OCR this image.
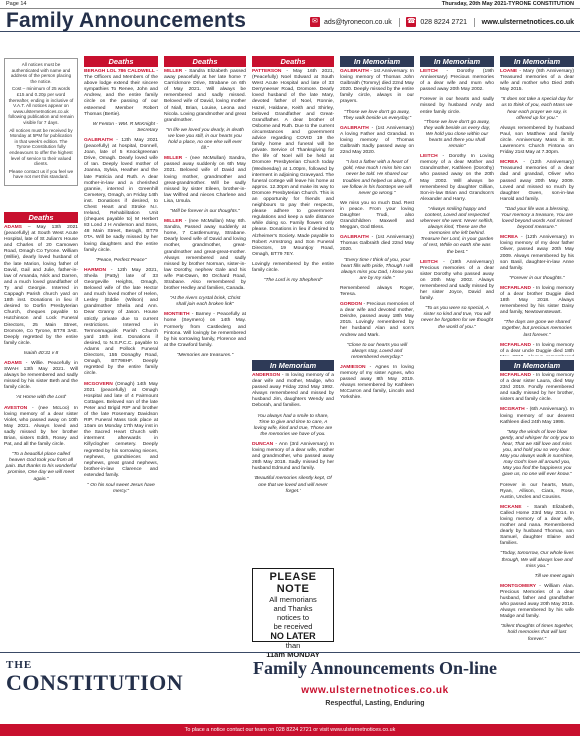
Page 14	Thursday, 20th May 2021-TYRONE CONSTITUTION
Family Announcements	✉ ads@tyronecon.co.uk ☎ 028 8224 2721 www.ulsternetnotices.co.uk

All notices must be authenticated with name and address of the person placing the notice.

Cost – minimum of 25 words £15 and 0.20p per word thereafter, ending in inclusive of V.A.T. All notices appear on www.ulsternetnotices.co.uk following publication and remain visible for 7 days.

All notices must be received by Monday at 5PM for publication in that week's edition. The Tyrone Constitution fully endeavours to offer the highest level of service to their valued clients.

Please contact us if you feel we have not met this standard.

Deaths
ADAMS – May 13th 2021 (peacefully) at South West Acute Hospital, late of St Julian's House and Charles of 20 Camowen Road, Omagh Co Tyrone. William (Willie), dearly loved husband of the late Marion, loving father of David, Gail and Julie, father-in-law of Amanda, Nick and Darren, and a much loved grandfather of Ty and Georgie. Interred in Cappagh Parish church yard on 18th inst. Donations in lieu if desired to Dorfin Presbyterian Church, cheques payable to Hutchinson and Lock Funeral Directors, 25 Main Street, Dromore, Co Tyrone, BT78 3AE. Deeply regretted by the entire family circle.
Isaiah 40:31 v 8
ADAMS - Willie. Peacefully in SWAH 13th May 2021. Will always be remembered and sadly missed by his sister Beth and the family circle.
'At Home with the Lord'
AVESTON - (nee McLoo) In loving memory of a dear sister Violet, who passed away on 10th May 2021. Always loved and sadly missed by her brother Brian, sisters Edith, Rosey and Pat, and all the family circle.
"To a beautiful place called heaven God took you from all pain. But thanks to his wonderful promise, One day we will meet again."
Deaths
BERAGH LOL 786 CALDWELL - The Officers and Members of the above lodge extend their sincere sympathies To Renee, John and Andrew, and the entire family circle on the passing of our esteemed Member Robert Thomas (Bertie).
W Fenton - WM. R McKnight - Secretary
GALBRAITH - 12th May 2021 (peacefully) at hospital, Donnell, Joan, late of 5 Knockgreenan Drive, Omagh. Dearly loved wife of Ian. Deeply loved mother of Joanna, Sylvia, Heather and the late Patricia and Ruth. A dear mother-in-law and a cherished grannie, interred in Greenhill Cemetery, Omagh, on Friday 14th inst. Donations if desired, to Chest Heart and Stroke N.I. Ireland, Rehabilitation Unit (cheques payable to) M Herbert 83 Lond J H Anderson and Sons, 48 Main Street, Beragh, BT79 0TA. Will be sadly missed by her loving daughters and the entire family circle.
"Peace, Perfect Peace"
HARMON - 12th May 2021, Sheila (Patty) late of 33 Georgeville Heights, Omagh, Beloved wife of the late Hector and much loved mother of Helen, Lesley (Eddie (Wilson) and grandmother Sheila and Ann. Dear Granny of Jason. House strictly private due to current restrictions. Interred in Termonmaguirk Parish Church yard 16th inst. Donations if desired, to N.S.P.C.C. payable to Adams and Pollock Funeral Directors, 155 Donaghy Road, Omagh, BT798HF. Deeply regretted by the entire family circle.
MCGOVERN (Omagh) 14th May 2021 (peacefully) at Omagh Hospital and late of 4 Fairmount Cottages. Beloved son of the late Peter and Brigid RIP and brother of the late Rosemary Davidson RIP. Funeral Mass took place at 10am on Monday 17th May inst in the Sacred Heart Church with interment afterwards in Killyclogher cemetery. Deeply regretted by his sorrowing nieces, nephews, grandnieces and nephews, great grand nephews, brother-in-law Clarence and extended family.
" On his soul sweet Jesus have mercy."
Deaths
MILLER - Sandra Elizabeth passed away peacefully at her late home 7 Carrickmore Drive, Strabane on 6th of May 2021. Will always be remembered and sadly missed. Beloved wife of David, loving mother of Niall, Brian, Louise, Leona and Nicola. Loving grandmother and great grandmother.
"In life we loved you dearly, in death we love you still, in our hearts you hold a place, no one else will ever fill."
MILLER - (nee McMullan) Sandra, passed away suddenly on 6th May 2021. Beloved wife of David and loving mother, grandmother and great-grandmother. Will be sadly missed by sister Eileen, brother-in-law Wilfred and nieces Charlene and Lisa, Ursula.
"Will be forever in our thoughts."
MILLER - (nee McMullan) May 6th. Sandra, Passed away suddenly at home, 7 Castlemurray, Strabane. Dearly loved wife of David and loving mother, grandmother, great-grandmother and great-great-mother. Always remembered and sadly missed by brother Norman, sister-in-law Dorothy, nephew Gale and his wife Pat-Dawn, 80 Orchard Road, Strabane. Also remembered by brother Hedley and families, Canada.
"At the rivers crystal brink, Christ shall join each broken link"
MONTIETH - Barney - Peacefully at home (Seymero) on 14th May. Formerly from Castlederg and Fintona. Will lovingly be remembered by his sorrowing family, Florence and at the Crawford family.
"Memories are treasures."
Deaths
PATTERSON - May 16th 2021, (Peacefully) Noel Edward at South West Acute Hospital and late of 33 Derryneeser Road, Dromore. Dearly loved husband of the late Mary, devoted father of Noel, Ronnie, Hazel, Haldane, Keith and Shirley, beloved Grandfather and Great-Grandfather. A dear brother of Osborne and Ruth. Due to the current circumstances and government advice regarding COVID 19 the family home and funeral will be private. Service of Thanksgiving for the life of Noel will be held at Dromore Presbyterian Church today (Wednesday) at 1.00pm, followed by interment in adjoining Graveyard. The funeral cortege will leave his home at approx. 12.30pm and make its way to Dromore Presbyterian Church. This is an opportunity for friends and neighbours to pay their respects, please adhere to government regulations and keep a safe distance while doing so. Family flowers only please. Donations in lieu if desired to Alzheimer's Society. Made payable to Robert Armstrong and Son Funeral Directors, 19 Mountjoy Road, Omagh, BT79 7EY.
Lovingly remembered by the entire family circle.
"The Lord is my Shepherd"
In Memoriam
ANDERSON - In loving memory of a dear wife and mother, Madge, who passed away Friday 22nd May 1992. Always remembered and missed by husband Jim, daughters Wendy and Deborah, and families.
You always had a smile to share, Time to give and time to care, A loving wife, kind and true, Those are the memories we have of you.
DUNCAN - Ann (3rd Anniversary) In loving memory of a dear wife, mother and grandmother, who passed away 26th May 2018. Sadly missed by her husband Edmund and family.
'Beautiful memories silently kept, Of one that we loved and will never forget.'
In Memoriam
GALBRAITH - 1st Anniversary. In loving memory of Thomas John Galbraith (Tommy) died 22nd May 2020. Deeply missed by the entire family circle, always in our prayers.
"Those we love don't go away, They walk beside us everyday."
GALBRAITH - (1st Anniversary) A loving Father and Grandad. In loving memory of Thomas Galbraith Sadly passed away on 22nd May 2020.
"I lost a father with a heart of gold, How much I miss him can never be told. He shared our troubles and helped us along, If we follow in his footsteps we will never go wrong."
We miss you so much Dad. Rest in peace. From your loving Daughter Trudi, also Grandchildren Maxwell and Meggan, God Bless.
GALBRAITH - (1st Anniversary) Thomas Galbraith died 22nd May 2020.
"Every time I think of you, your heart fills with pride, Though I will always miss you Dad, I know you are by my side."
Remembered always Roger, Teresa.
GORDON - Precious memories of a dear wife and devoted mother, Deirdre, passed away 18th May 2015. Lovingly remembered by her husband Alan and son's Andrew and Mark.
"Close to our hearts you will always stay, Loved and remembered everyday."
JAMIESON - Agnes In loving memory of my sister Agnes, who passed away 8th May 2019. Always remembered by Kathleen McCarron and family, Lincoln and Yorkshire.
In Memoriam
LEITCH - Dorothy (19th Anniversary) Precious memories of a dear wife and mum who passed away 20th May 2002.
Forever in our hearts and sadly missed by husband Andy and entire family circle.
"Those we love don't go away, they walk beside us every day, We hold you close within our hearts and there you shall remain"
LEITCH - Dorothy In Loving memory of a dear Mother and Grandmother, Kathleen (Dorothy) who passed away on the 20th May 2002. Will always be remembered by daughter Gillian, Son-in-law Brian and Grandson's Alexander and Harry.
"Always smiling happy and content, Loved and respected wherever she went. Never selfish, always kind, These are the memories she left behind. Treasure her Lord, in your garden of rest, While on earth she was the best."
LEITCH - (19th Anniversary) Precious memories of a dear sister Dorothy who passed away on 20th May 2002. Always remembered and sadly missed by her sister Joyce, David and family.
"To us you were so special, A sister so kind and true, You will never be forgotten for we thought the world of you."
In Memoriam
LOANE - Mary (6th Anniversary) Treasured memories of a dear wife and mother who Died 26th May 2015.
"It does not take a special day for us to think of you, each Mass we hear each prayer we say, is offered up for you."
Always remembered by husband Paul, son Matthew and family circle. Anniversary Mass in St. Lawrence's Church Fintona on Friday 21st May at 7.30pm.
MCREA - (12th Anniversary) Treasured memories of a dear dad and grandad, Oliver who passed away 20th May 2009. Loved and missed so much by daughter Gwen, son-in-law Harold and family.
"Dad your life was a blessing, Your memory a treasure, You are loved beyond words And missed beyond measure."
MCREA - (12th Anniversary) In loving memory of my dear father Oliver, passed away 20th May 2009. Always remembered by his son Basil, daughter-in-law Anne and family.
"Forever in our thoughts."
MCFARLAND - In loving memory of a dear brother Duggie died 18th May 2018. Always remembered by his sister Daisy and family, Newtownstewart.
"The days are gone we shared together, but precious memories last forever."
MCFARLAND - In loving memory of a dear uncle Duggie died 18th
PLEASE NOTE
All memorians
and Thanks
notices to
be received
NO LATER
than
11am MONDAY
THE
CONSTITUTION
Family Announcements On-line
www.ulsternetnotices.co.uk
Respectful, Lasting, Enduring
To place a notice contact our team on 028 8224 2721 or visit www.ulsternetnotices.co.uk
In Memoriam
MCFARLAND - In loving memory of a dear sister Laura, died May 23rd 2019. Fondly remembered and sadly missed by her brother, sisters and family circle.
MCGRATH - (6th Anniversary). In loving memory of our dearest Kathleen died 24th May 1995.
"May the winds of love blow gently, and whisper for only you to hear, That we still love and miss you, and hold you so very dear. May you always walk in sunshine, may God's love all around you, May you find the happiness you gave us, no one will ever know."
Forever in our hearts, Mum, Ryan, Allison, Ciara, Rose, Austin, Uncles and Cousins.
MCKANE - Sarah Elizabeth, Called Home 23rd May 2014. In loving memory of a dear wife, mother and nana. Remembered dearly by husband Thomas, son Samuel, daughter Elaine and families.
"Today, tomorrow, Our whole lives through, We will always love and miss you."
Till we meet again
MONTGOMERY - William Alan. Precious Memories of a dear husband, father and grandfather who passed away 20th May 2016. Always remembered by his wife Madge and family.
"Silent thoughts of times together, hold memories that will last forever."
